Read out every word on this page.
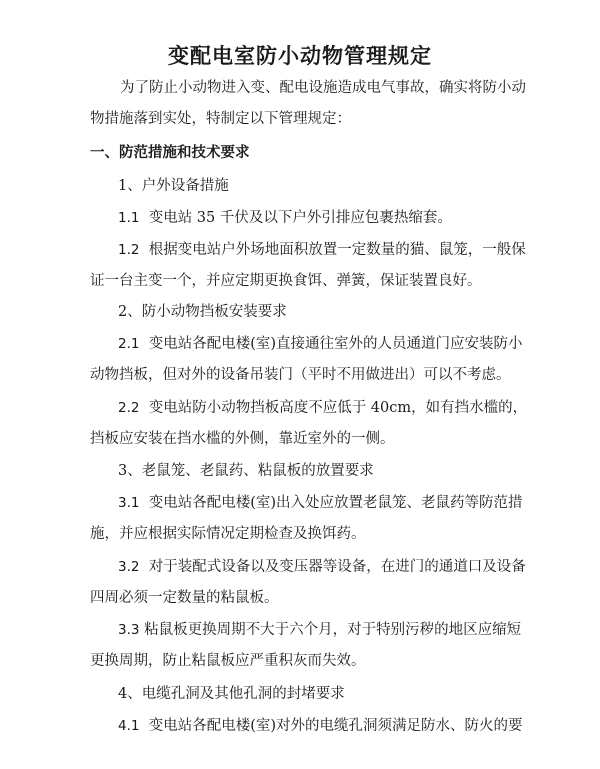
变配电室防小动物管理规定
为了防止小动物进入变、配电设施造成电气事故，确实将防小动
物措施落到实处，特制定以下管理规定：
一、防范措施和技术要求
1、户外设备措施
1.1 变电站 35 千伏及以下户外引排应包裹热缩套。
1.2 根据变电站户外场地面积放置一定数量的猫、鼠笼，一般保
证一台主变一个，并应定期更换食饵、弹簧，保证装置良好。
2、防小动物挡板安装要求
2.1 变电站各配电楼(室)直接通往室外的人员通道门应安装防小
动物挡板，但对外的设备吊装门（平时不用做进出）可以不考虑。
2.2 变电站防小动物挡板高度不应低于 40cm，如有挡水槛的，
挡板应安装在挡水槛的外侧，靠近室外的一侧。
3、老鼠笼、老鼠药、粘鼠板的放置要求
3.1 变电站各配电楼(室)出入处应放置老鼠笼、老鼠药等防范措
施，并应根据实际情况定期检查及换饵药。
3.2 对于装配式设备以及变压器等设备，在进门的通道口及设备
四周必须一定数量的粘鼠板。
3.3 粘鼠板更换周期不大于六个月，对于特别污秽的地区应缩短
更换周期，防止粘鼠板应严重积灰而失效。
4、电缆孔洞及其他孔洞的封堵要求
4.1 变电站各配电楼(室)对外的电缆孔洞须满足防水、防火的要
